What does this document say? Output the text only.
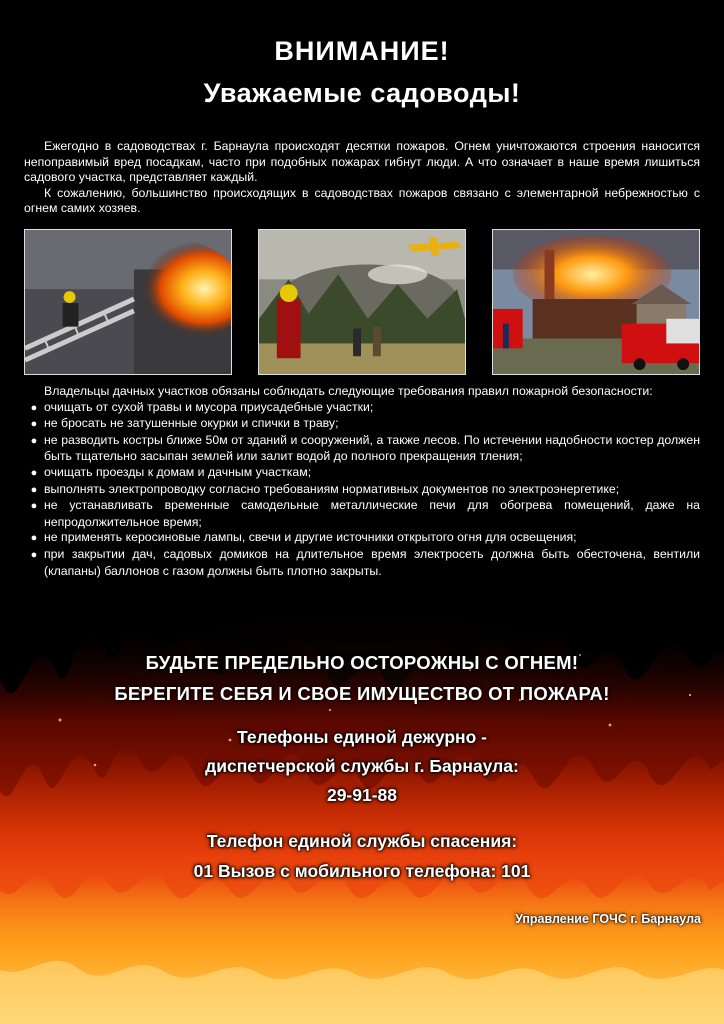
ВНИМАНИЕ!
Уважаемые садоводы!

Ежегодно в садоводствах г. Барнаула происходят десятки пожаров. Огнем уничтожаются строения наносится непоправимый вред посадкам, часто при подобных пожарах гибнут люди. А что означает в наше время лишиться садового участка, представляет каждый.

К сожалению, большинство происходящих в садоводствах пожаров связано с элементарной небрежностью с огнем самих хозяев.

Владельцы дачных участков обязаны соблюдать следующие требования правил пожарной безопасности:

● очищать от сухой травы и мусора приусадебные участки;
● не бросать не затушенные окурки и спички в траву;
● не разводить костры ближе 50м от зданий и сооружений, а также лесов. По истечении надобности костер должен быть тщательно засыпан землей или залит водой до полного прекращения тления;
● очищать проезды к домам и дачным участкам;
● выполнять электропроводку согласно требованиям нормативных документов по электроэнергетике;
● не устанавливать временные самодельные металлические печи для обогрева помещений, даже на непродолжительное время;
● не применять керосиновые лампы, свечи и другие источники открытого огня для освещения;
● при закрытии дач, садовых домиков на длительное время электросеть должна быть обесточена, вентили (клапаны) баллонов с газом должны быть плотно закрыты.
БУДЬТЕ ПРЕДЕЛЬНО ОСТОРОЖНЫ С ОГНЕМ!
БЕРЕГИТЕ СЕБЯ И СВОЕ ИМУЩЕСТВО ОТ ПОЖАРА!
Телефоны единой дежурно -
диспетчерской службы г. Барнаула:
29-91-88
Телефон единой службы спасения:
01 Вызов с мобильного телефона: 101
Управление ГОЧС г. Барнаула
